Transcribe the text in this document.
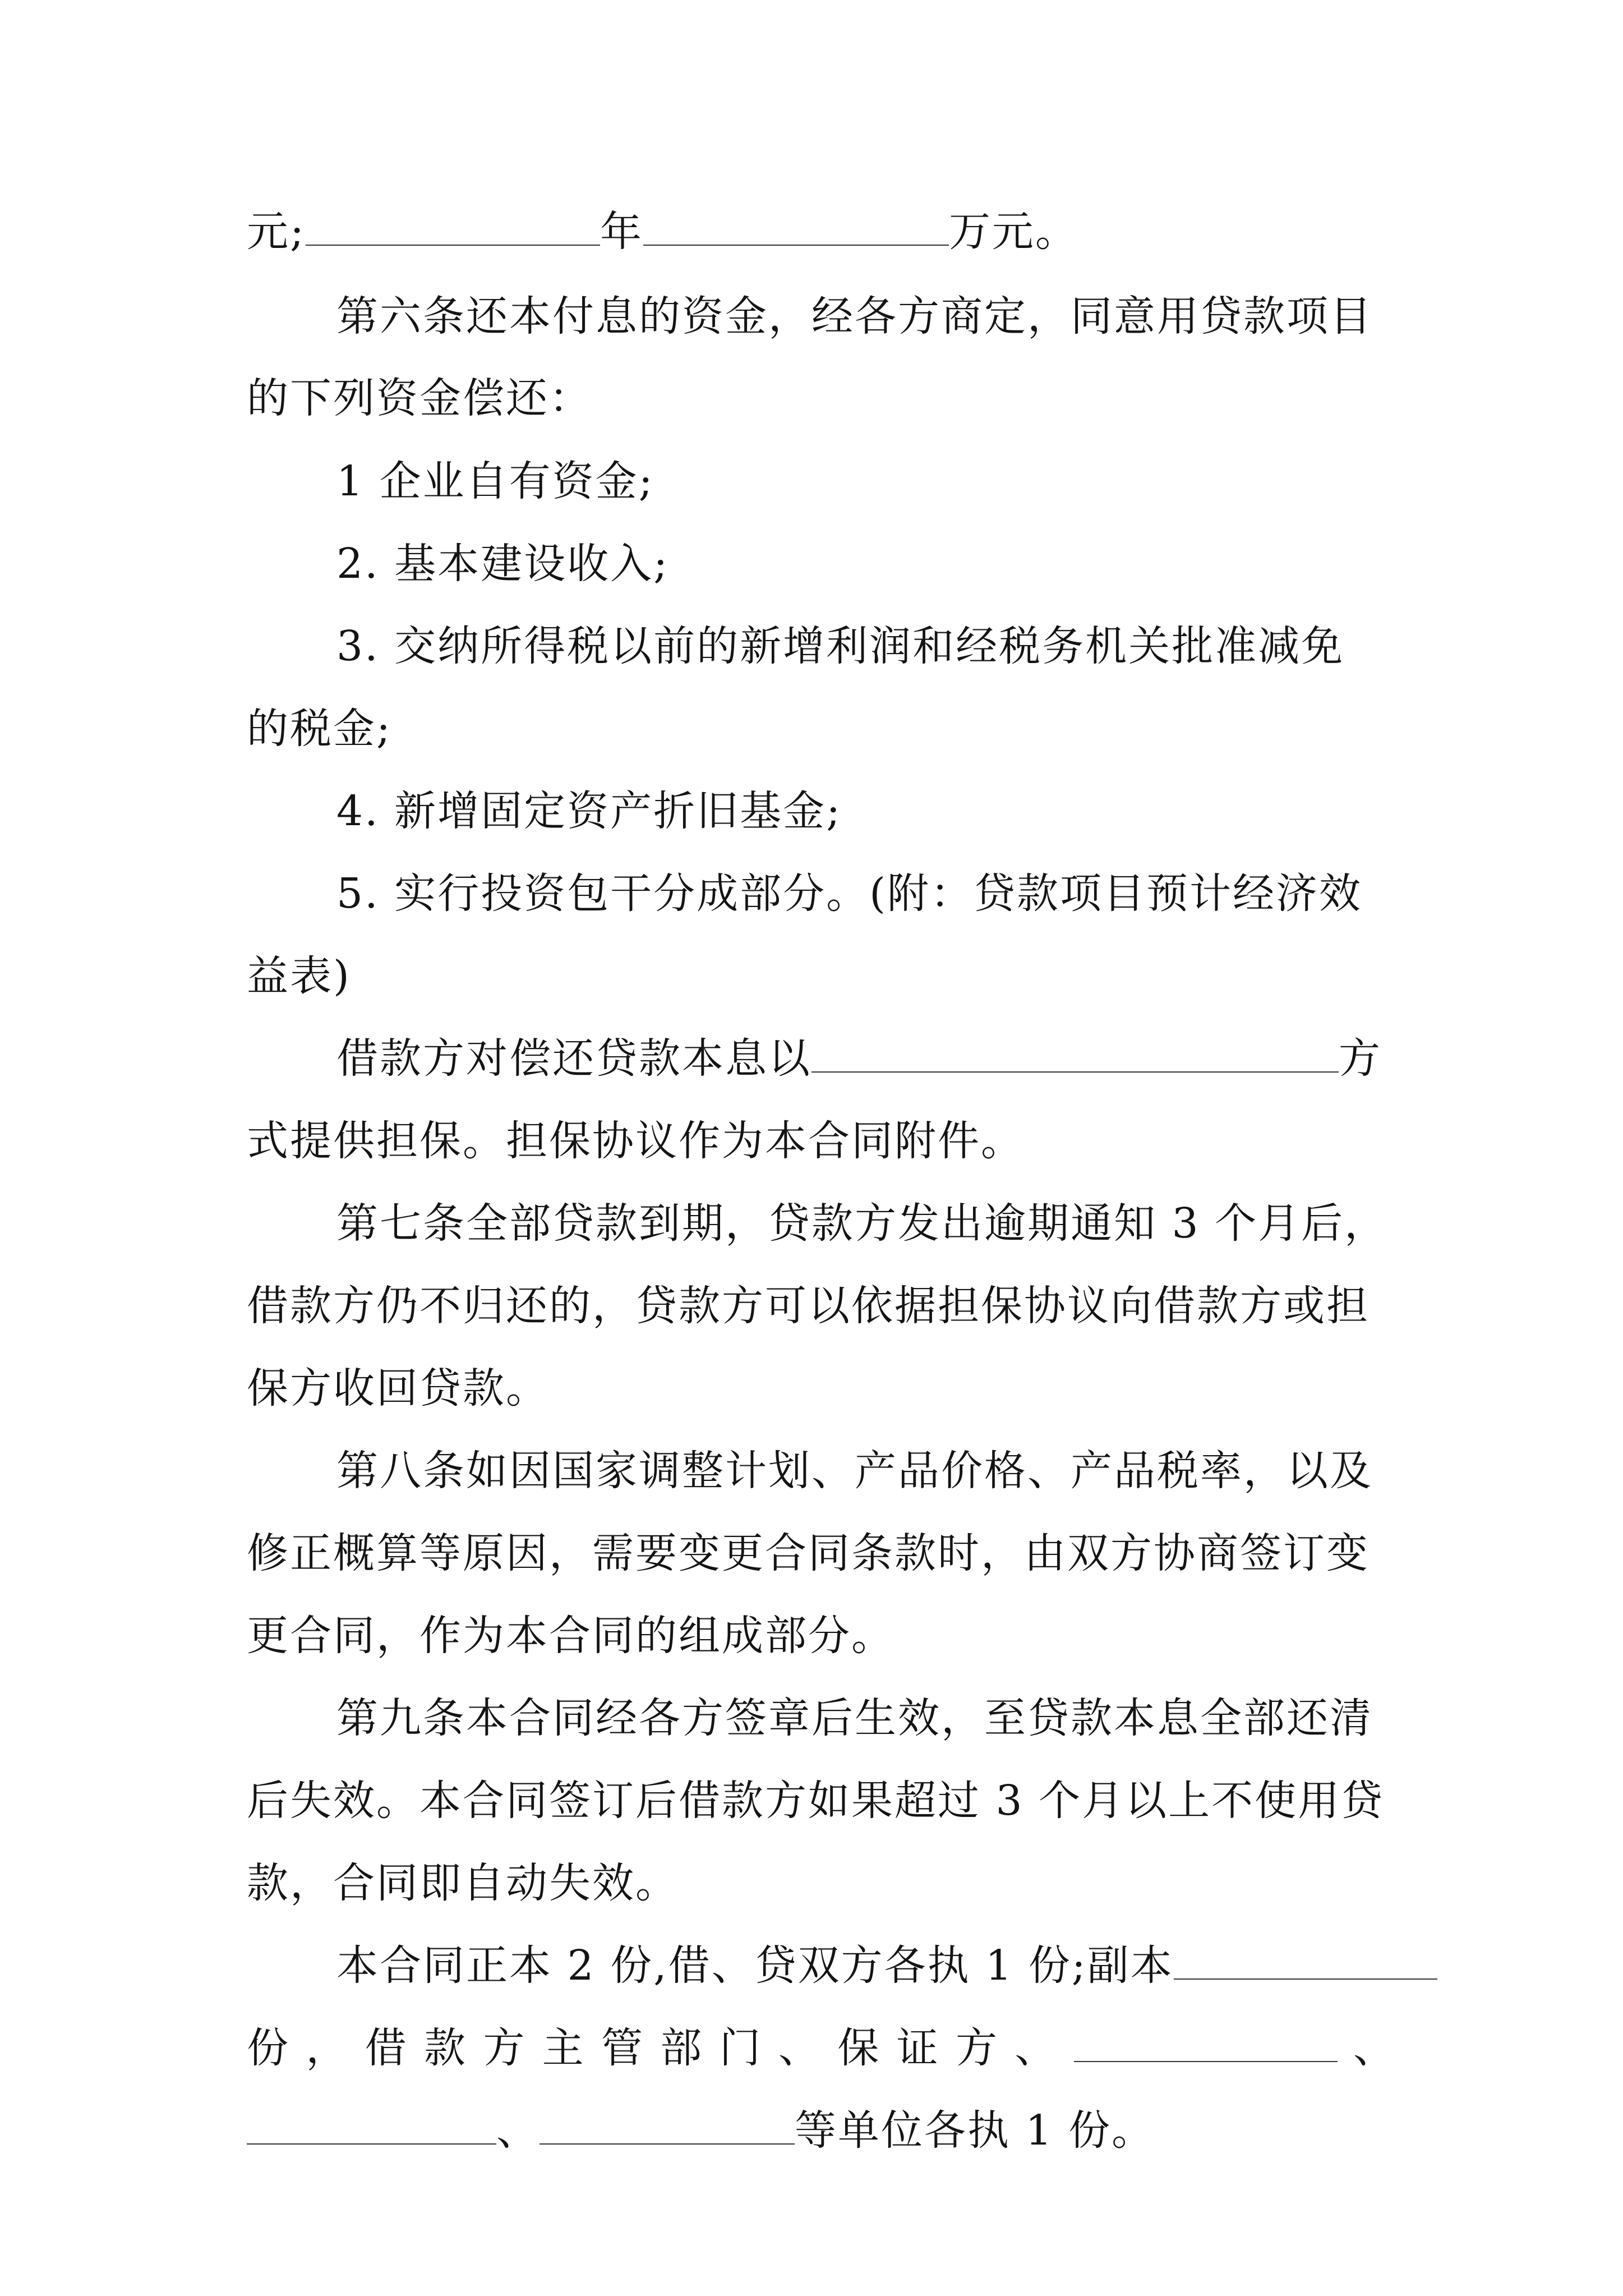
元;	年	万元。
第六条还本付息的资金，经各方商定，同意用贷款项目
的下列资金偿还：
1 企业自有资金;
2. 基本建设收入;
3. 交纳所得税以前的新增利润和经税务机关批准减免
的税金;
4. 新增固定资产折旧基金;
5. 实行投资包干分成部分。(附：贷款项目预计经济效
益表)
借款方对偿还贷款本息以	方
式提供担保。担保协议作为本合同附件。
第七条全部贷款到期，贷款方发出逾期通知 3 个月后，
借款方仍不归还的，贷款方可以依据担保协议向借款方或担
保方收回贷款。
第八条如因国家调整计划、产品价格、产品税率，以及
修正概算等原因，需要变更合同条款时，由双方协商签订变
更合同，作为本合同的组成部分。
第九条本合同经各方签章后生效，至贷款本息全部还清
后失效。本合同签订后借款方如果超过 3 个月以上不使用贷
款，合同即自动失效。
本合同正本 2 份,借、贷双方各执 1 份;副本
份 ， 借 款 方 主 管 部 门 、 保 证 方 、	、
、	等单位各执 1 份。
